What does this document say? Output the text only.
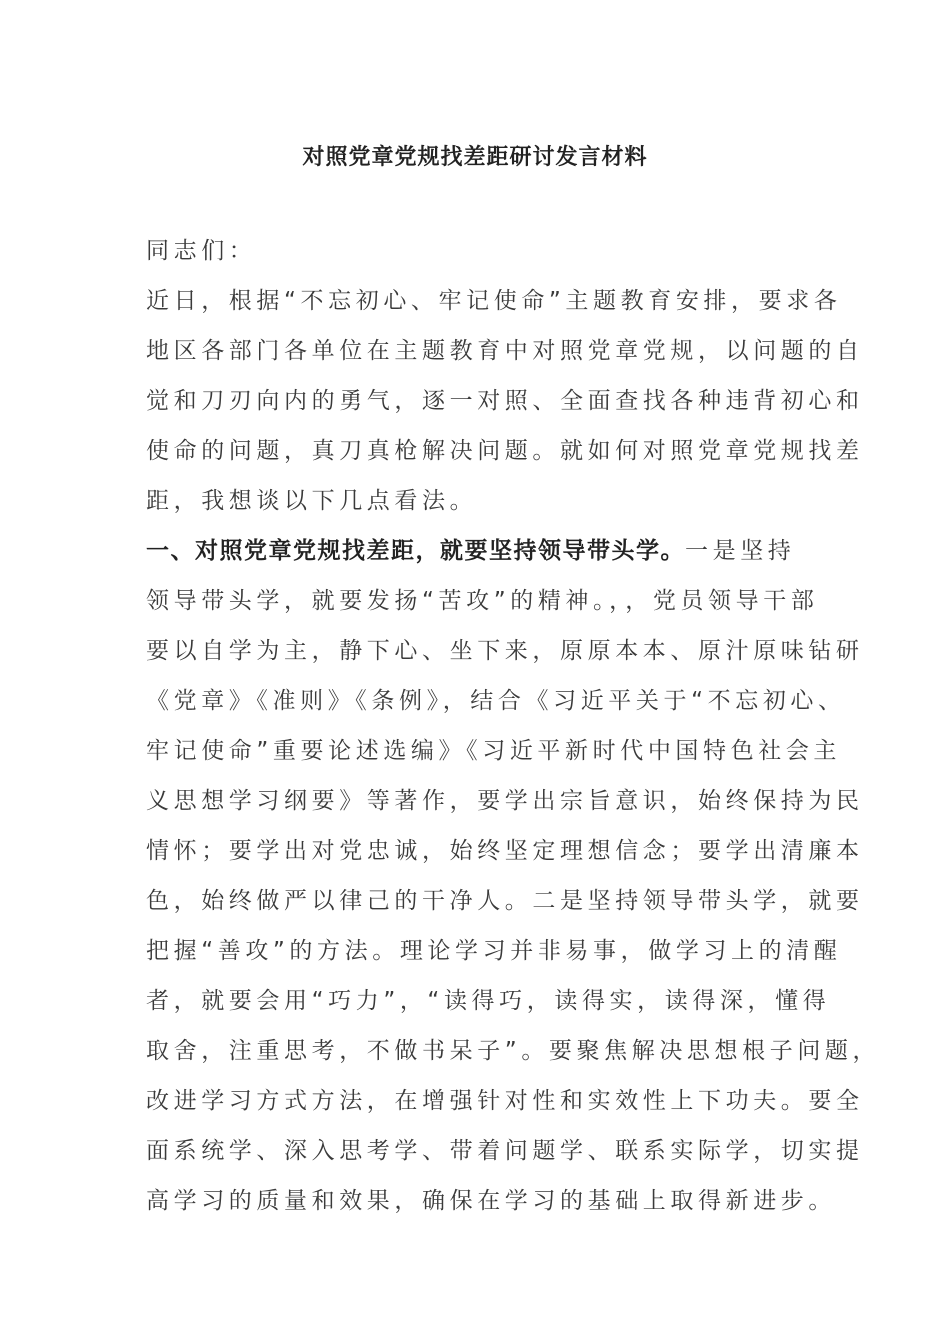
对照党章党规找差距研讨发言材料
同志们：
近日，根据“不忘初心、牢记使命”主题教育安排，要求各
地区各部门各单位在主题教育中对照党章党规，以问题的自
觉和刀刃向内的勇气，逐一对照、全面查找各种违背初心和
使命的问题，真刀真枪解决问题。就如何对照党章党规找差
距，我想谈以下几点看法。
一、对照党章党规找差距，就要坚持领导带头学。一是坚持
领导带头学，就要发扬“苦攻”的精神。，，党员领导干部
要以自学为主，静下心、坐下来，原原本本、原汁原味钻研
《党章》《准则》《条例》，结合《习近平关于“不忘初心、
牢记使命”重要论述选编》《习近平新时代中国特色社会主
义思想学习纲要》等著作，要学出宗旨意识，始终保持为民
情怀；要学出对党忠诚，始终坚定理想信念；要学出清廉本
色，始终做严以律己的干净人。二是坚持领导带头学，就要
把握“善攻”的方法。理论学习并非易事，做学习上的清醒
者，就要会用“巧力”，“读得巧，读得实，读得深，懂得
取舍，注重思考，不做书呆子”。要聚焦解决思想根子问题，
改进学习方式方法，在增强针对性和实效性上下功夫。要全
面系统学、深入思考学、带着问题学、联系实际学，切实提
高学习的质量和效果，确保在学习的基础上取得新进步。
